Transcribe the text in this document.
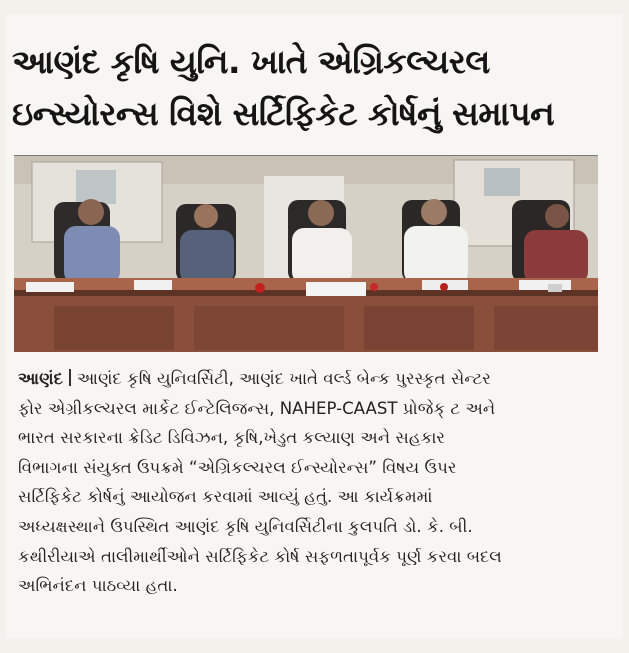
આણંદ કૃષિ યુનિ. ખાતે એગ્રિકલ્ચરલ
ઇન્સ્યોરન્સ વિશે સર્ટિફિકેટ કોર્ષનું સમાપન
આણંદ આણંદ કૃષિ યુનિવર્સિટી, આણંદ ખાતે વર્લ્ડ બેન્ક પુરસ્કૃત સેન્ટર
ફોર એગ્રીકલ્ચરલ માર્કેટ ઈન્ટેલિજન્સ, NAHEP-CAAST પ્રોજેક્ ટ અને
ભારત સરકારના ક્રેડિટ ડિવિઝન, કૃષિ,ખેડુત કલ્યાણ અને સહકાર
વિભાગના સંયુક્ત ઉપક્રમે “એગ્રિકલ્ચરલ ઈન્સ્યોરન્સ” વિષય ઉપર
સર્ટિફિકેટ કોર્ષનું આયોજન કરવામાં આવ્યું હતું. આ કાર્યક્રમમાં
અધ્યક્ષસ્થાને ઉપસ્થિત આણંદ કૃષિ યુનિવર્સિટીના કુલપતિ ડો. કે. બી.
કથીરીયાએ તાલીમાર્થીઓને સર્ટિફિકેટ કોર્ષ સફળતાપૂર્વક પૂર્ણ કરવા બદલ
અભિનંદન પાઠવ્યા હતા.
